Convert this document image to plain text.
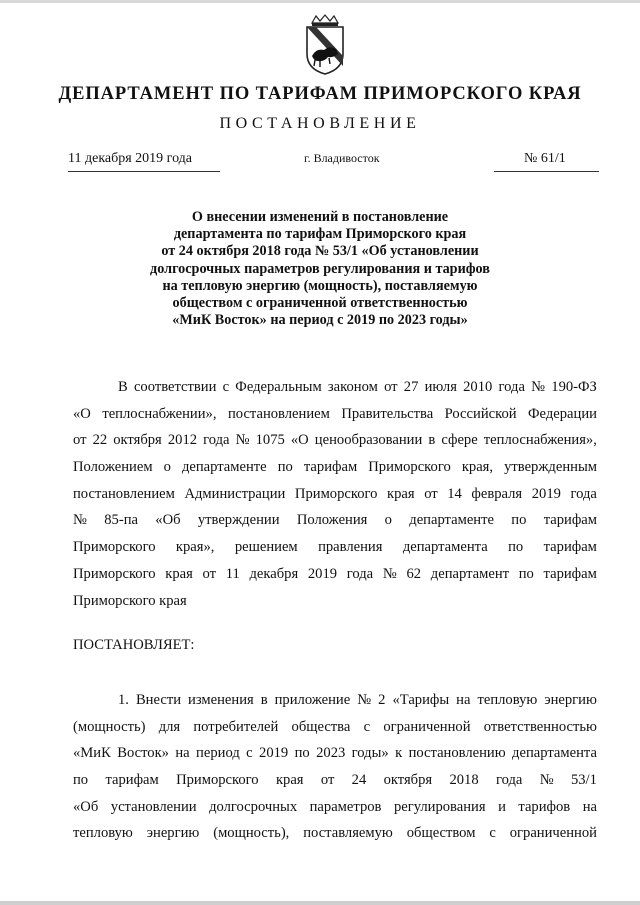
ДЕПАРТАМЕНТ ПО ТАРИФАМ ПРИМОРСКОГО КРАЯ
ПОСТАНОВЛЕНИЕ
11 декабря 2019 года	г. Владивосток	№ 61/1
О внесении изменений в постановление
департамента по тарифам Приморского края
от 24 октября 2018 года № 53/1 «Об установлении
долгосрочных параметров регулирования и тарифов
на тепловую энергию (мощность), поставляемую
обществом с ограниченной ответственностью
«МиК Восток» на период с 2019 по 2023 годы»
В соответствии с Федеральным законом от 27 июля 2010 года № 190-ФЗ
«О теплоснабжении», постановлением Правительства Российской Федерации
от 22 октября 2012 года № 1075 «О ценообразовании в сфере теплоснабжения»,
Положением о департаменте по тарифам Приморского края, утвержденным
постановлением Администрации Приморского края от 14 февраля 2019 года
№ 85-па «Об утверждении Положения о департаменте по тарифам
Приморского края», решением правления департамента по тарифам
Приморского края от 11 декабря 2019 года № 62 департамент по тарифам
Приморского края
ПОСТАНОВЛЯЕТ:
1. Внести изменения в приложение № 2 «Тарифы на тепловую энергию
(мощность) для потребителей общества с ограниченной ответственностью
«МиК Восток» на период с 2019 по 2023 годы» к постановлению департамента
по тарифам Приморского края от 24 октября 2018 года № 53/1
«Об установлении долгосрочных параметров регулирования и тарифов на
тепловую энергию (мощность), поставляемую обществом с ограниченной
